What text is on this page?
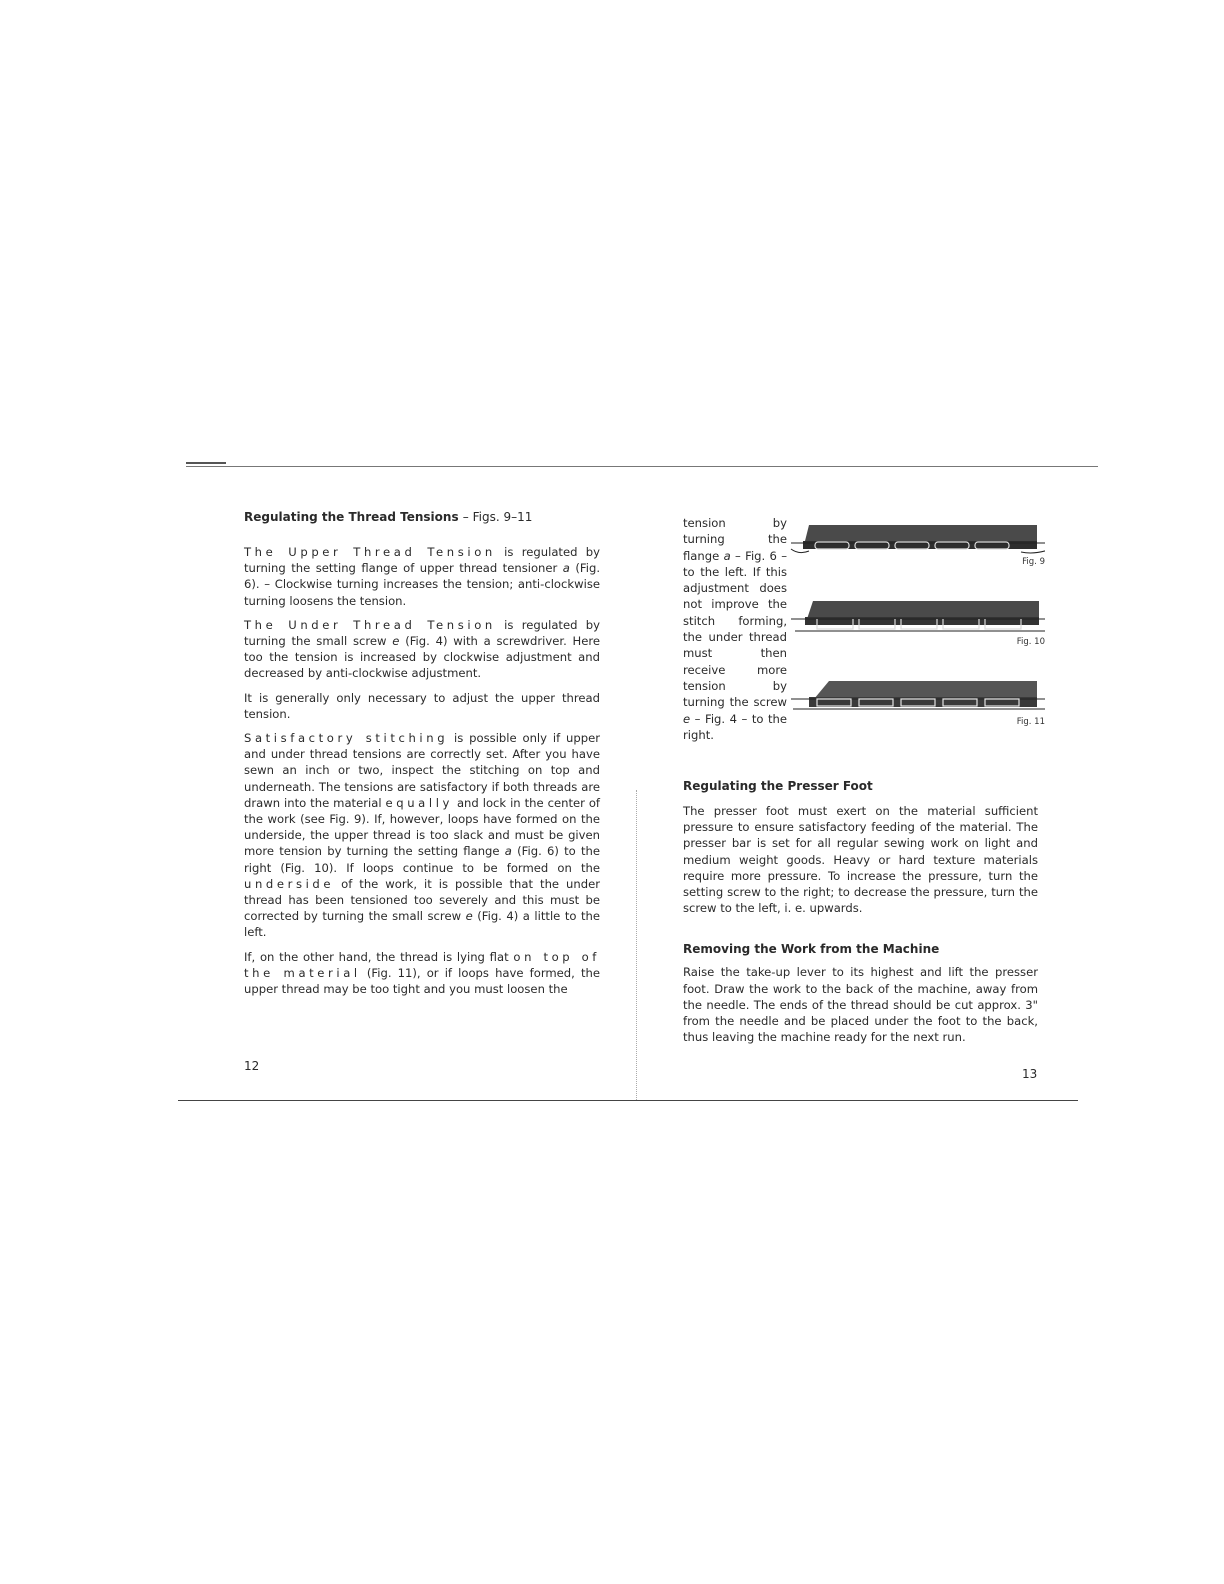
Regulating the Thread Tensions – Figs. 9–11

The Upper Thread Tension is regulated by turning the setting flange of upper thread tensioner a (Fig. 6). – Clockwise turning increases the tension; anti-clockwise turning loosens the tension.

The Under Thread Tension is regulated by turning the small screw e (Fig. 4) with a screwdriver. Here too the tension is increased by clockwise adjustment and decreased by anti-clockwise adjustment.

It is generally only necessary to adjust the upper thread tension.

Satisfactory stitching is possible only if upper and under thread tensions are correctly set. After you have sewn an inch or two, inspect the stitching on top and underneath. The tensions are satisfactory if both threads are drawn into the material equally and lock in the center of the work (see Fig. 9). If, however, loops have formed on the underside, the upper thread is too slack and must be given more tension by turning the setting flange a (Fig. 6) to the right (Fig. 10). If loops continue to be formed on the underside of the work, it is possible that the under thread has been tensioned too severely and this must be corrected by turning the small screw e (Fig. 4) a little to the left.

If, on the other hand, the thread is lying flat on top of the material (Fig. 11), or if loops have formed, the upper thread may be too tight and you must loosen the

12
tension by turning the flange a – Fig. 6 – to the left. If this adjustment does not improve the stitch forming, the under thread must then receive more tension by turning the screw e – Fig. 4 – to the right.
Fig. 9
Fig. 10
Fig. 11
Regulating the Presser Foot

The presser foot must exert on the material sufficient pressure to ensure satisfactory feeding of the material. The presser bar is set for all regular sewing work on light and medium weight goods. Heavy or hard texture materials require more pressure. To increase the pressure, turn the setting screw to the right; to decrease the pressure, turn the screw to the left, i. e. upwards.

Removing the Work from the Machine

Raise the take-up lever to its highest and lift the presser foot. Draw the work to the back of the machine, away from the needle. The ends of the thread should be cut approx. 3" from the needle and be placed under the foot to the back, thus leaving the machine ready for the next run.

13
